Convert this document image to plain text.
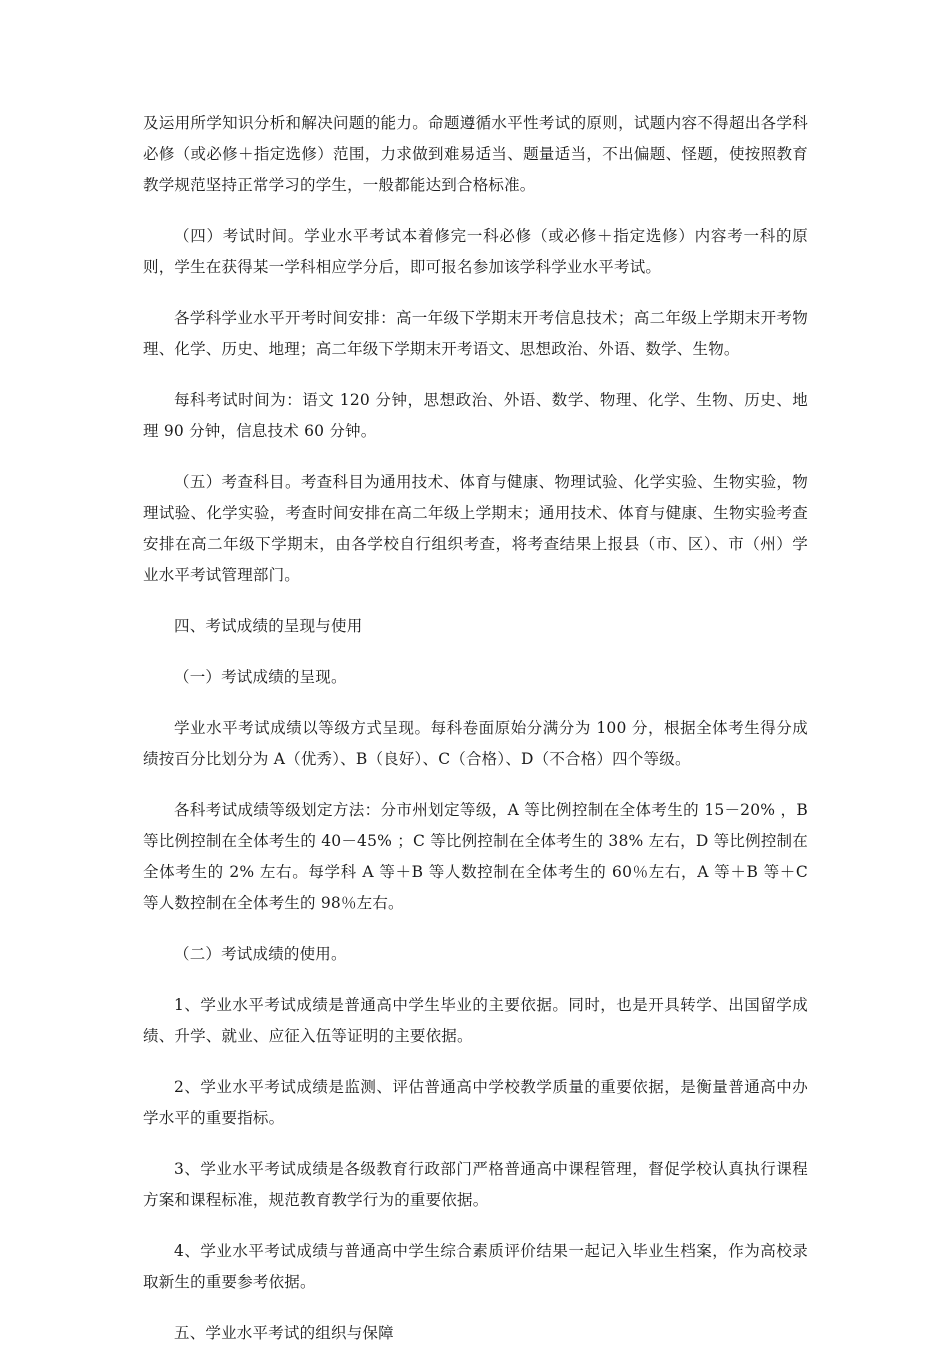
及运用所学知识分析和解决问题的能力。命题遵循水平性考试的原则，试题内容不得超出各学科必修（或必修＋指定选修）范围，力求做到难易适当、题量适当，不出偏题、怪题，使按照教育教学规范坚持正常学习的学生，一般都能达到合格标准。

（四）考试时间。学业水平考试本着修完一科必修（或必修＋指定选修）内容考一科的原则，学生在获得某一学科相应学分后，即可报名参加该学科学业水平考试。

各学科学业水平开考时间安排：高一年级下学期末开考信息技术；高二年级上学期末开考物理、化学、历史、地理；高二年级下学期末开考语文、思想政治、外语、数学、生物。

每科考试时间为：语文 120 分钟，思想政治、外语、数学、物理、化学、生物、历史、地理 90 分钟，信息技术 60 分钟。

（五）考查科目。考查科目为通用技术、体育与健康、物理试验、化学实验、生物实验，物理试验、化学实验，考查时间安排在高二年级上学期末；通用技术、体育与健康、生物实验考查安排在高二年级下学期末，由各学校自行组织考查，将考查结果上报县（市、区）、市（州）学业水平考试管理部门。

四、考试成绩的呈现与使用

（一）考试成绩的呈现。

学业水平考试成绩以等级方式呈现。每科卷面原始分满分为 100 分，根据全体考生得分成绩按百分比划分为 A（优秀）、B（良好）、C（合格）、D（不合格）四个等级。

各科考试成绩等级划定方法：分市州划定等级，A 等比例控制在全体考生的 15－20% ，B 等比例控制在全体考生的 40－45% ；C 等比例控制在全体考生的 38% 左右，D 等比例控制在全体考生的 2% 左右。每学科 A 等＋B 等人数控制在全体考生的 60％左右，A 等＋B 等＋C 等人数控制在全体考生的 98％左右。

（二）考试成绩的使用。

1、学业水平考试成绩是普通高中学生毕业的主要依据。同时，也是开具转学、出国留学成绩、升学、就业、应征入伍等证明的主要依据。

2、学业水平考试成绩是监测、评估普通高中学校教学质量的重要依据，是衡量普通高中办学水平的重要指标。

3、学业水平考试成绩是各级教育行政部门严格普通高中课程管理，督促学校认真执行课程方案和课程标准，规范教育教学行为的重要依据。

4、学业水平考试成绩与普通高中学生综合素质评价结果一起记入毕业生档案，作为高校录取新生的重要参考依据。

五、学业水平考试的组织与保障
